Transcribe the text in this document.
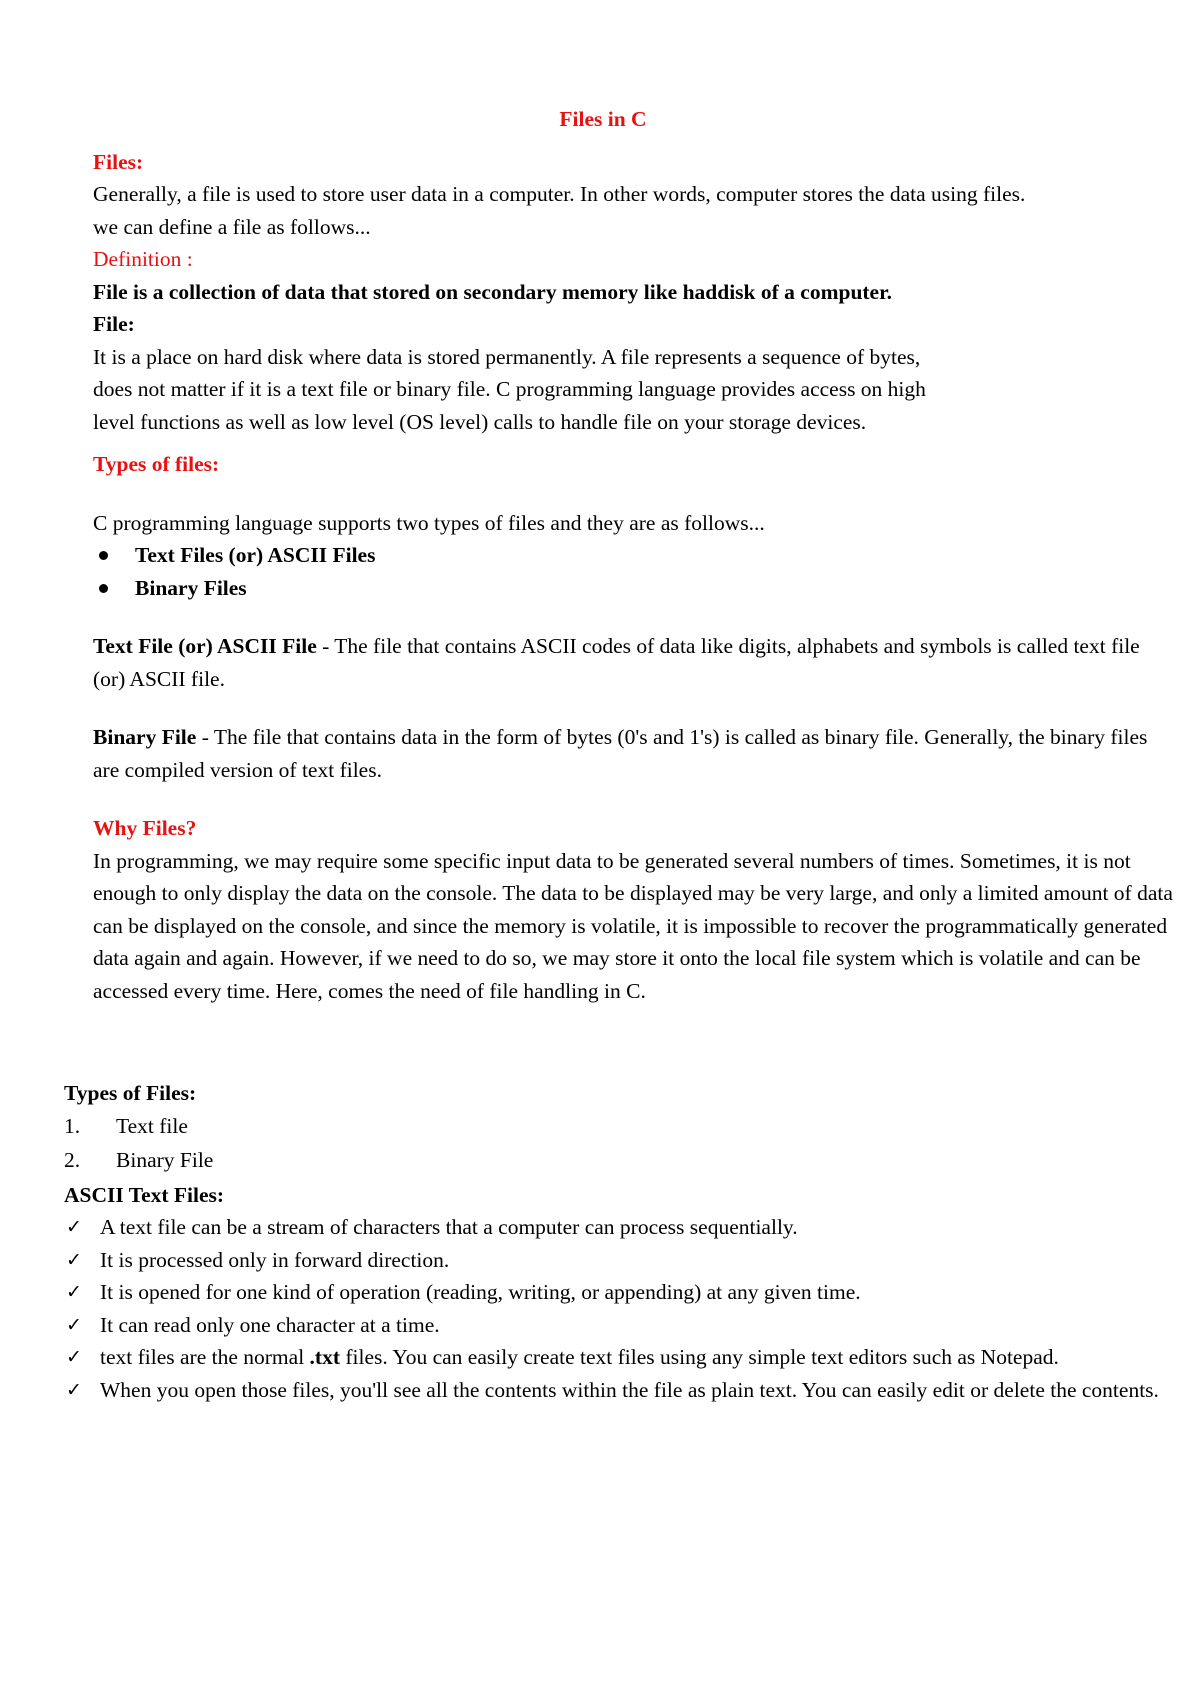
Files in C

Files:

Generally, a file is used to store user data in a computer. In other words, computer stores the data using files.

we can define a file as follows...

Definition :

File is a collection of data that stored on secondary memory like haddisk of a computer.

File:

It is a place on hard disk where data is stored permanently. A file represents a sequence of bytes,

does not matter if it is a text file or binary file. C programming language provides access on high

level functions as well as low level (OS level) calls to handle file on your storage devices.

Types of files:

C programming language supports two types of files and they are as follows...

Text Files (or) ASCII Files
Binary Files

Text File (or) ASCII File - The file that contains ASCII codes of data like digits, alphabets and symbols is called text file (or) ASCII file.

Binary File - The file that contains data in the form of bytes (0's and 1's) is called as binary file. Generally, the binary files are compiled version of text files.

Why Files?

In programming, we may require some specific input data to be generated several numbers of times. Sometimes, it is not enough to only display the data on the console. The data to be displayed may be very large, and only a limited amount of data can be displayed on the console, and since the memory is volatile, it is impossible to recover the programmatically generated data again and again. However, if we need to do so, we may store it onto the local file system which is volatile and can be accessed every time. Here, comes the need of file handling in C.

Types of Files:

1. Text file
2. Binary File

ASCII Text Files:

✓ A text file can be a stream of characters that a computer can process sequentially.
✓ It is processed only in forward direction.
✓ It is opened for one kind of operation (reading, writing, or appending) at any given time.
✓ It can read only one character at a time.
✓ text files are the normal .txt files. You can easily create text files using any simple text editors such as Notepad.
✓ When you open those files, you'll see all the contents within the file as plain text. You can easily edit or delete the contents.
